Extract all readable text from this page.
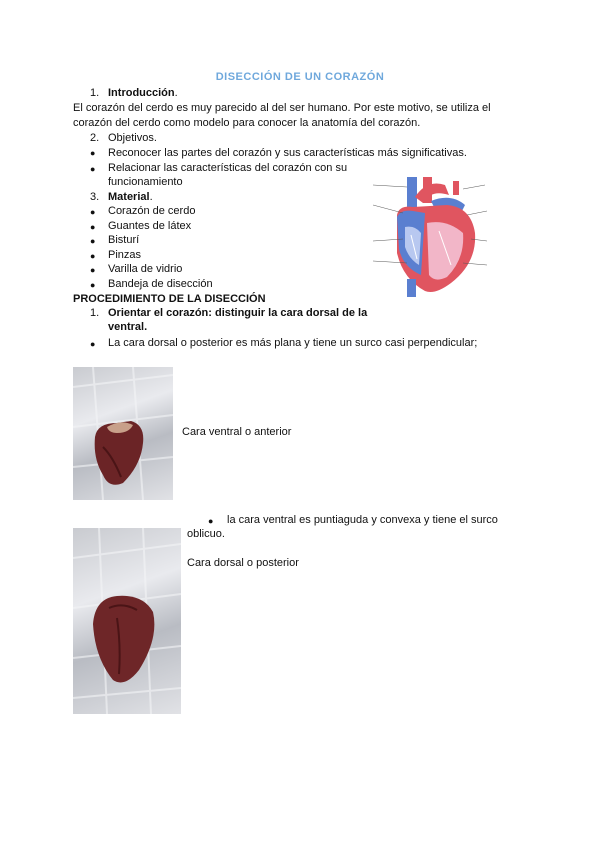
DISECCIÓN DE UN CORAZÓN
1. Introducción.
El corazón del cerdo es muy parecido al del ser humano. Por este motivo, se utiliza el
corazón del cerdo como modelo para conocer la anatomía del corazón.
2. Objetivos.
● Reconocer las partes del corazón y sus características más significativas.
● Relacionar las características del corazón con su
funcionamiento
3. Material.
● Corazón de cerdo
● Guantes de látex
● Bisturí
● Pinzas
● Varilla de vidrio
● Bandeja de disección
PROCEDIMIENTO DE LA DISECCIÓN
1. Orientar el corazón: distinguir la cara dorsal de la
ventral.
● La cara dorsal o posterior es más plana y tiene un surco casi perpendicular;
Cara ventral o anterior
● la cara ventral es puntiaguda y convexa y tiene el surco
oblicuo.
Cara dorsal o posterior
